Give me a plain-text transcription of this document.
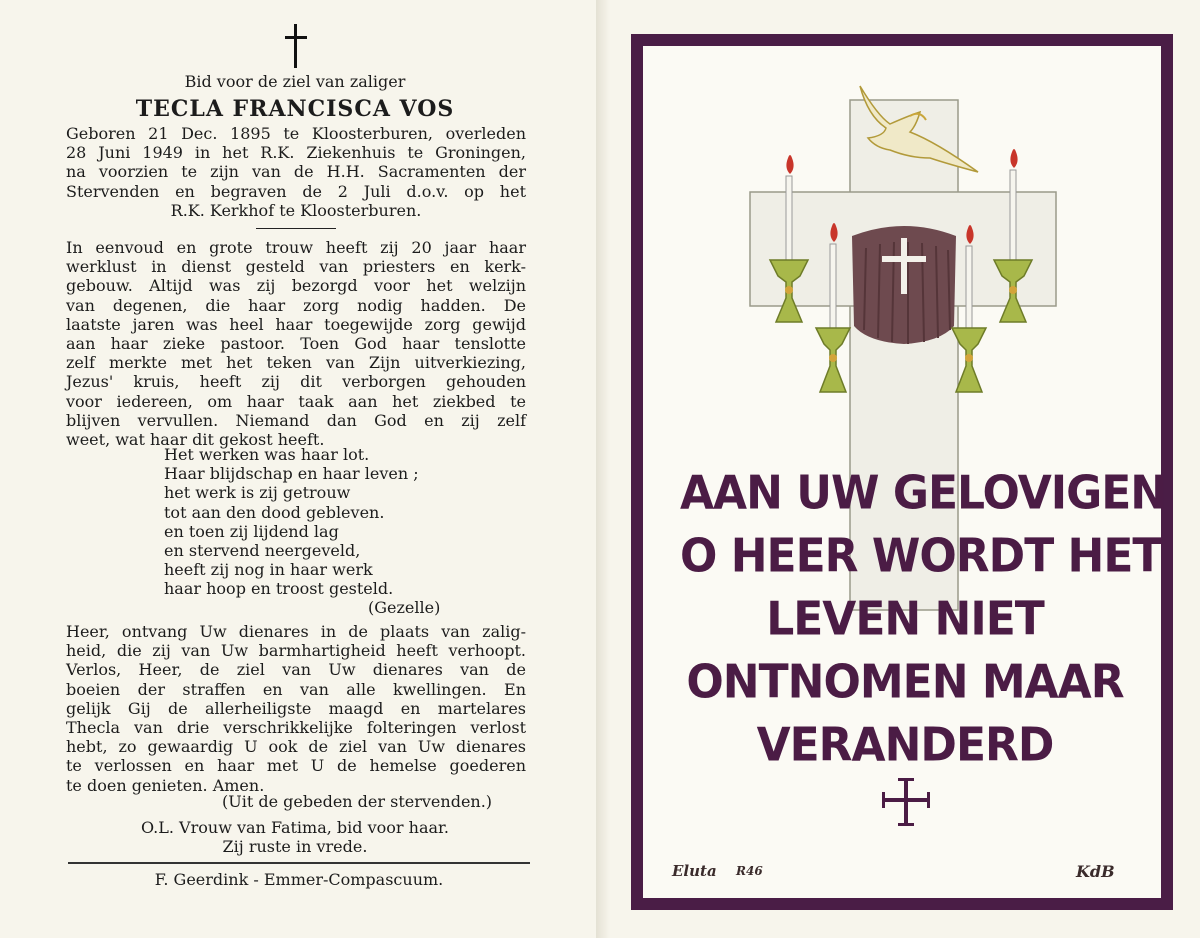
Bid voor de ziel van zaliger
TECLA FRANCISCA VOS

Geboren 21 Dec. 1895 te Kloosterburen, overleden

28 Juni 1949 in het R.K. Ziekenhuis te Groningen,

na voorzien te zijn van de H.H. Sacramenten der

Stervenden en begraven de 2 Juli d.o.v. op het

R.K. Kerkhof te Kloosterburen.

In eenvoud en grote trouw heeft zij 20 jaar haar

werklust in dienst gesteld van priesters en kerk-

gebouw. Altijd was zij bezorgd voor het welzijn

van degenen, die haar zorg nodig hadden. De

laatste jaren was heel haar toegewijde zorg gewijd

aan haar zieke pastoor. Toen God haar tenslotte

zelf merkte met het teken van Zijn uitverkiezing,

Jezus' kruis, heeft zij dit verborgen gehouden

voor iedereen, om haar taak aan het ziekbed te

blijven vervullen. Niemand dan God en zij zelf

weet, wat haar dit gekost heeft.

Het werken was haar lot.
Haar blijdschap en haar leven ;
het werk is zij getrouw
tot aan den dood gebleven.
en toen zij lijdend lag
en stervend neergeveld,
heeft zij nog in haar werk
haar hoop en troost gesteld.
(Gezelle)

Heer, ontvang Uw dienares in de plaats van zalig-

heid, die zij van Uw barmhartigheid heeft verhoopt.

Verlos, Heer, de ziel van Uw dienares van de

boeien der straffen en van alle kwellingen. En

gelijk Gij de allerheiligste maagd en martelares

Thecla van drie verschrikkelijke folteringen verlost

hebt, zo gewaardig U ook de ziel van Uw dienares

te verlossen en haar met U de hemelse goederen

te doen genieten. Amen.

(Uit de gebeden der stervenden.)
O.L. Vrouw van Fatima, bid voor haar.
Zij ruste in vrede.
F. Geerdink - Emmer-Compascuum.
AAN UW GELOVIGEN
O HEER WORDT HET
LEVEN NIET
ONTNOMEN MAAR
VERANDERD
Eluta R46	KdB
